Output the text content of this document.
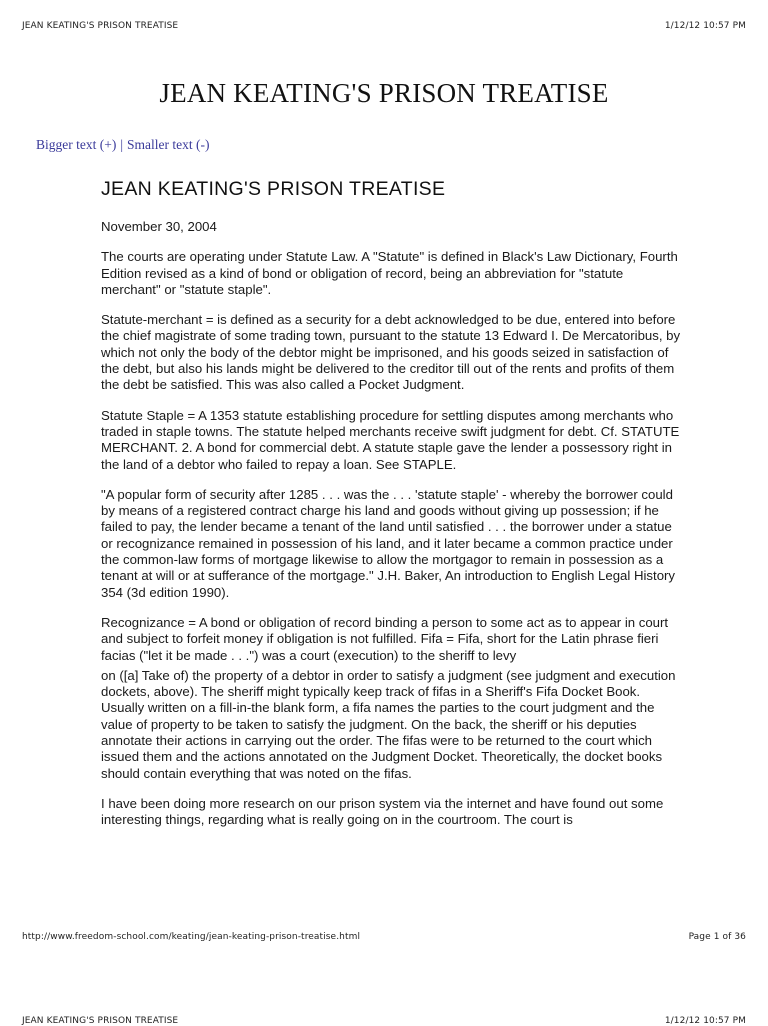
JEAN KEATING'S PRISON TREATISE	1/12/12 10:57 PM
JEAN KEATING'S PRISON TREATISE
Bigger text (+) | Smaller text (-)
JEAN KEATING'S PRISON TREATISE

November 30, 2004

The courts are operating under Statute Law. A "Statute" is defined in Black's Law Dictionary, Fourth Edition revised as a kind of bond or obligation of record, being an abbreviation for "statute merchant" or "statute staple".

Statute-merchant = is defined as a security for a debt acknowledged to be due, entered into before the chief magistrate of some trading town, pursuant to the statute 13 Edward I. De Mercatoribus, by which not only the body of the debtor might be imprisoned, and his goods seized in satisfaction of the debt, but also his lands might be delivered to the creditor till out of the rents and profits of them the debt be satisfied. This was also called a Pocket Judgment.

Statute Staple = A 1353 statute establishing procedure for settling disputes among merchants who traded in staple towns. The statute helped merchants receive swift judgment for debt. Cf. STATUTE MERCHANT. 2. A bond for commercial debt. A statute staple gave the lender a possessory right in the land of a debtor who failed to repay a loan. See STAPLE.

"A popular form of security after 1285 . . . was the . . . 'statute staple' - whereby the borrower could by means of a registered contract charge his land and goods without giving up possession; if he failed to pay, the lender became a tenant of the land until satisfied . . . the borrower under a statue or recognizance remained in possession of his land, and it later became a common practice under the common-law forms of mortgage likewise to allow the mortgagor to remain in possession as a tenant at will or at sufferance of the mortgage." J.H. Baker, An introduction to English Legal History 354 (3d edition 1990).

Recognizance = A bond or obligation of record binding a person to some act as to appear in court and subject to forfeit money if obligation is not fulfilled. Fifa = Fifa, short for the Latin phrase fieri facias ("let it be made . . .") was a court (execution) to the sheriff to levy

on ([a] Take of) the property of a debtor in order to satisfy a judgment (see judgment and execution dockets, above). The sheriff might typically keep track of fifas in a Sheriff's Fifa Docket Book. Usually written on a fill-in-the blank form, a fifa names the parties to the court judgment and the value of property to be taken to satisfy the judgment. On the back, the sheriff or his deputies annotate their actions in carrying out the order. The fifas were to be returned to the court which issued them and the actions annotated on the Judgment Docket. Theoretically, the docket books should contain everything that was noted on the fifas.

I have been doing more research on our prison system via the internet and have found out some interesting things, regarding what is really going on in the courtroom. The court is

http://www.freedom-school.com/keating/jean-keating-prison-treatise.html	Page 1 of 36
JEAN KEATING'S PRISON TREATISE	1/12/12 10:57 PM
